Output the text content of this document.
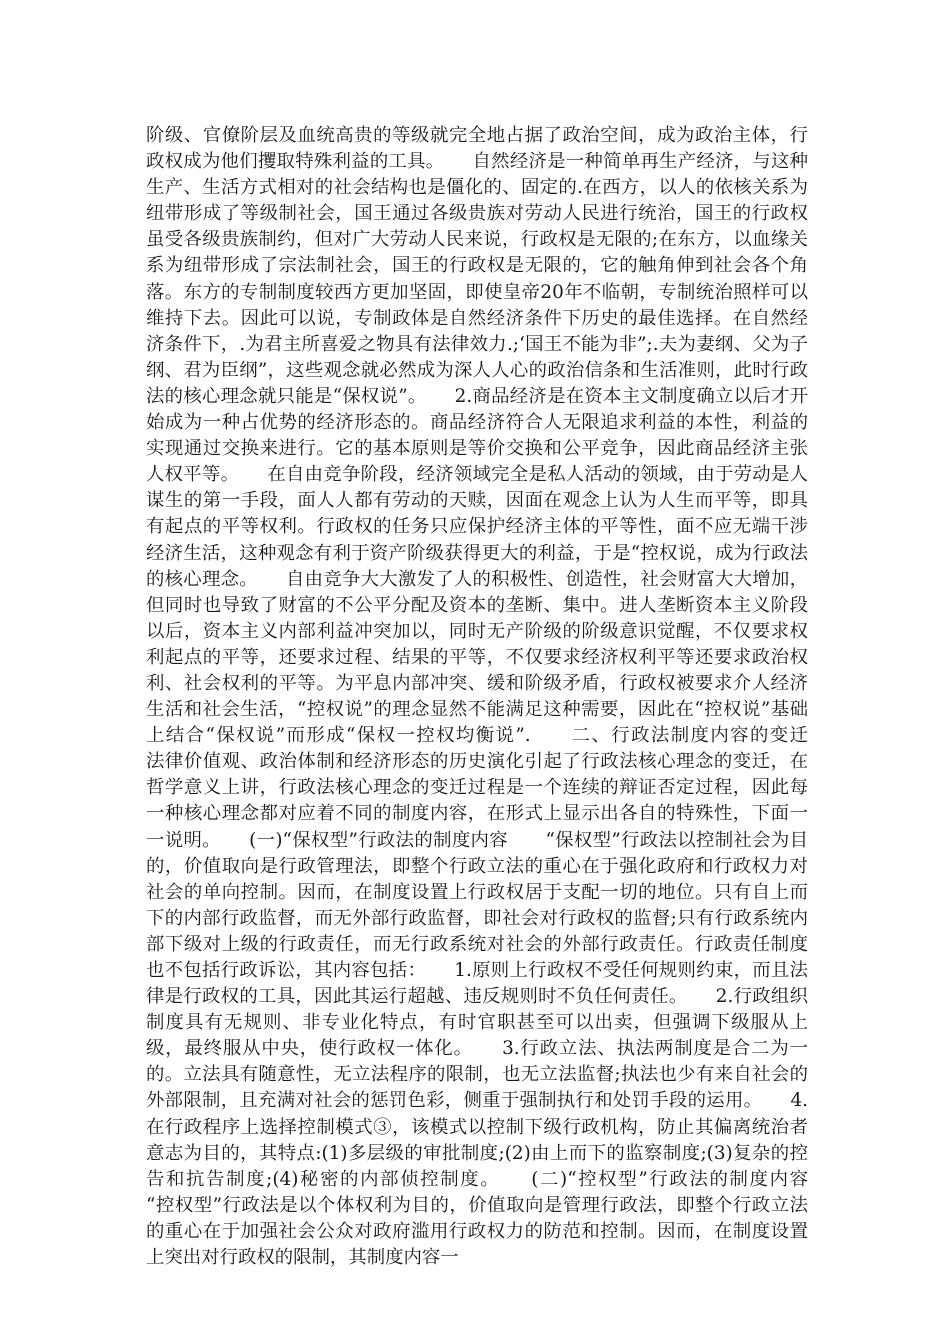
阶级、官僚阶层及血统高贵的等级就完全地占据了政治空间，成为政治主体，行政权成为他们攫取特殊利益的工具。　　自然经济是一种简单再生产经济，与这种生产、生活方式相对的社会结构也是僵化的、固定的.在西方，以人的依核关系为纽带形成了等级制社会，国王通过各级贵族对劳动人民进行统治，国王的行政权虽受各级贵族制约，但对广大劳动人民来说，行政权是无限的;在东方，以血缘关系为纽带形成了宗法制社会，国王的行政权是无限的，它的触角伸到社会各个角落。东方的专制制度较西方更加坚固，即使皇帝20年不临朝，专制统治照样可以维持下去。因此可以说，专制政体是自然经济条件下历史的最佳选择。在自然经济条件下，.为君主所喜爱之物具有法律效力.;‘国王不能为非”;.夫为妻纲、父为子纲、君为臣纲”，这些观念就必然成为深人人心的政治信条和生活准则，此时行政法的核心理念就只能是“保权说”。　　2.商品经济是在资本主文制度确立以后才开始成为一种占优势的经济形态的。商品经济符合人无限追求利益的本性，利益的实现通过交换来进行。它的基本原则是等价交换和公平竞争，因此商品经济主张人权平等。　　在自由竞争阶段，经济领域完全是私人活动的领域，由于劳动是人谋生的第一手段，面人人都有劳动的天赎，因面在观念上认为人生而平等，即具有起点的平等权利。行政权的任务只应保护经济主体的平等性，面不应无端干涉经济生活，这种观念有利于资产阶级获得更大的利益，于是“控权说，成为行政法的核心理念。　　自由竞争大大激发了人的积极性、创造性，社会财富大大增加，但同时也导致了财富的不公平分配及资本的垄断、集中。进人垄断资本主义阶段以后，资本主义内部利益冲突加以，同时无产阶级的阶级意识觉醒，不仅要求权利起点的平等，还要求过程、结果的平等，不仅要求经济权利平等还要求政治权利、社会权利的平等。为平息内部冲突、缓和阶级矛盾，行政权被要求介人经济生活和社会生活，“控权说”的理念显然不能满足这种需要，因此在“控权说”基础上结合“保权说”而形成“保权一控权均衡说”.　　二、行政法制度内容的变迁　　法律价值观、政治体制和经济形态的历史演化引起了行政法核心理念的变迁，在哲学意义上讲，行政法核心理念的变迁过程是一个连续的辩证否定过程，因此每一种核心理念都对应着不同的制度内容，在形式上显示出各自的特殊性，下面一一说明。　　(一)“保权型”行政法的制度内容　　“保权型”行政法以控制社会为目的，价值取向是行政管理法，即整个行政立法的重心在于强化政府和行政权力对社会的单向控制。因而，在制度设置上行政权居于支配一切的地位。只有自上而下的内部行政监督，而无外部行政监督，即社会对行政权的监督;只有行政系统内部下级对上级的行政责任，而无行政系统对社会的外部行政责任。行政责任制度也不包括行政诉讼，其内容包括：　　1.原则上行政权不受任何规则约束，而且法律是行政权的工具，因此其运行超越、违反规则时不负任何责任。　　2.行政组织制度具有无规则、非专业化特点，有时官职甚至可以出卖，但强调下级服从上级，最终服从中央，使行政权一体化。　　3.行政立法、执法两制度是合二为一的。立法具有随意性，无立法程序的限制，也无立法监督;执法也少有来自社会的外部限制，且充满对社会的惩罚色彩，侧重于强制执行和处罚手段的运用。　　4.在行政程序上选择控制模式③，该模式以控制下级行政机构，防止其偏离统治者意志为目的，其特点:(1)多层级的审批制度;(2)由上而下的监察制度;(3)复杂的控告和抗告制度;(4)秘密的内部侦控制度。　　(二)“控权型”行政法的制度内容　　“控权型”行政法是以个体权利为目的，价值取向是管理行政法，即整个行政立法的重心在于加强社会公众对政府滥用行政权力的防范和控制。因而，在制度设置上突出对行政权的限制，其制度内容一
